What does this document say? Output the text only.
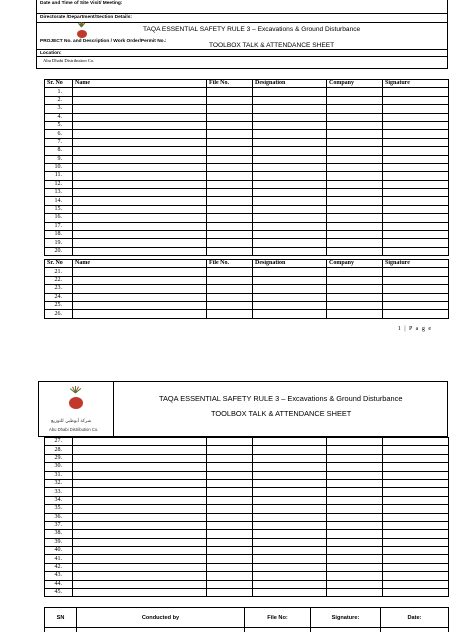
Date and Time of Site Visit/ Meeting:
Directorate /Department/Section Details:
TAQA ESSENTIAL SAFETY RULE 3 – Excavations & Ground Disturbance
PROJECT No. and Description / Work Order/Permit No.:
TOOLBOX TALK & ATTENDANCE SHEET
Location:
Abu Dhabi Distribution Co.
Sr. No	Name	File No.	Designation	Company	Signature
1.					
2.					
3.					
4.					
5.					
6.					
7.					
8.					
9.					
10.					
11.					
12.					
13.					
14.					
15.					
16.					
17.					
18.					
19.					
20.					
Sr. No	Name	File No.	Designation	Company	Signature
21.					
22.					
23.					
24.					
25.					
26.					
1 | P a g e
شركة أبوظبي للتوزيع
Abu Dhabi Distribution Co.
TAQA ESSENTIAL SAFETY RULE 3 – Excavations & Ground Disturbance
TOOLBOX TALK & ATTENDANCE SHEET
27.					
28.					
29.					
30.					
31.					
32.					
33.					
34.					
35.					
36.					
37.					
38.					
39.					
40.					
41.					
42.					
43.					
44.					
45.					
SN	Conducted by	File No:	Signature:	Date:
